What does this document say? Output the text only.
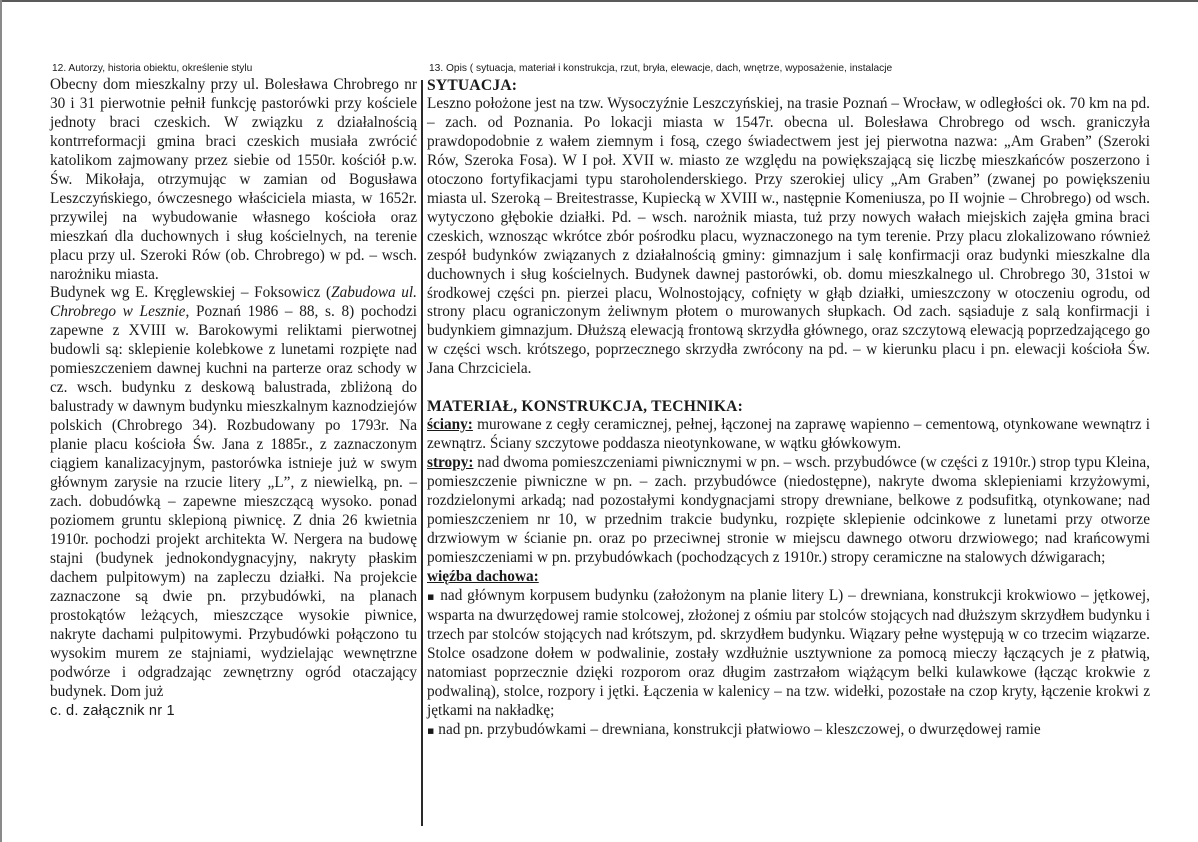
12. Autorzy, historia obiektu, określenie stylu

Obecny dom mieszkalny przy ul. Bolesława Chrobrego nr 30 i 31 pierwotnie pełnił funkcję pastorówki przy kościele jednoty braci czeskich. W związku z działalnością kontrreformacji gmina braci czeskich musiała zwrócić katolikom zajmowany przez siebie od 1550r. kościół p.w. Św. Mikołaja, otrzymując w zamian od Bogusława Leszczyńskiego, ówczesnego właściciela miasta, w 1652r. przywilej na wybudowanie własnego kościoła oraz mieszkań dla duchownych i sług kościelnych, na terenie placu przy ul. Szeroki Rów (ob. Chrobrego) w pd. – wsch. narożniku miasta.

Budynek wg E. Kręglewskiej – Foksowicz (Zabudowa ul. Chrobrego w Lesznie, Poznań 1986 – 88, s. 8) pochodzi zapewne z XVIII w. Barokowymi reliktami pierwotnej budowli są: sklepienie kolebkowe z lunetami rozpięte nad pomieszczeniem dawnej kuchni na parterze oraz schody w cz. wsch. budynku z deskową balustrada, zbliżoną do balustrady w dawnym budynku mieszkalnym kaznodziejów polskich (Chrobrego 34). Rozbudowany po 1793r. Na planie placu kościoła Św. Jana z 1885r., z zaznaczonym ciągiem kanalizacyjnym, pastorówka istnieje już w swym głównym zarysie na rzucie litery „L”, z niewielką, pn. – zach. dobudówką – zapewne mieszczącą wysoko. ponad poziomem gruntu sklepioną piwnicę. Z dnia 26 kwietnia 1910r. pochodzi projekt architekta W. Nergera na budowę stajni (budynek jednokondygnacyjny, nakryty płaskim dachem pulpitowym) na zapleczu działki. Na projekcie zaznaczone są dwie pn. przybudówki, na planach prostokątów leżących, mieszczące wysokie piwnice, nakryte dachami pulpitowymi. Przybudówki połączono tu wysokim murem ze stajniami, wydzielając wewnętrzne podwórze i odgradzając zewnętrzny ogród otaczający budynek. Dom już

c. d. załącznik nr 1
13. Opis ( sytuacja, materiał i konstrukcja, rzut, bryła, elewacje, dach, wnętrze, wyposażenie, instalacje
SYTUACJA:

Leszno położone jest na tzw. Wysoczyźnie Leszczyńskiej, na trasie Poznań – Wrocław, w odległości ok. 70 km na pd. – zach. od Poznania. Po lokacji miasta w 1547r. obecna ul. Bolesława Chrobrego od wsch. graniczyła prawdopodobnie z wałem ziemnym i fosą, czego świadectwem jest jej pierwotna nazwa: „Am Graben” (Szeroki Rów, Szeroka Fosa). W I poł. XVII w. miasto ze względu na powiększającą się liczbę mieszkańców poszerzono i otoczono fortyfikacjami typu staroholenderskiego. Przy szerokiej ulicy „Am Graben” (zwanej po powiększeniu miasta ul. Szeroką – Breitestrasse, Kupiecką w XVIII w., następnie Komeniusza, po II wojnie – Chrobrego) od wsch. wytyczono głębokie działki. Pd. – wsch. narożnik miasta, tuż przy nowych wałach miejskich zajęła gmina braci czeskich, wznosząc wkrótce zbór pośrodku placu, wyznaczonego na tym terenie. Przy placu zlokalizowano również zespół budynków związanych z działalnością gminy: gimnazjum i salę konfirmacji oraz budynki mieszkalne dla duchownych i sług kościelnych. Budynek dawnej pastorówki, ob. domu mieszkalnego ul. Chrobrego 30, 31stoi w środkowej części pn. pierzei placu, Wolnostojący, cofnięty w głąb działki, umieszczony w otoczeniu ogrodu, od strony placu ograniczonym żeliwnym płotem o murowanych słupkach. Od zach. sąsiaduje z salą konfirmacji i budynkiem gimnazjum. Dłuższą elewacją frontową skrzydła głównego, oraz szczytową elewacją poprzedzającego go w części wsch. krótszego, poprzecznego skrzydła zwrócony na pd. – w kierunku placu i pn. elewacji kościoła Św. Jana Chrzciciela.

MATERIAŁ, KONSTRUKCJA, TECHNIKA:

ściany: murowane z cegły ceramicznej, pełnej, łączonej na zaprawę wapienno – cementową, otynkowane wewnątrz i zewnątrz. Ściany szczytowe poddasza nieotynkowane, w wątku główkowym.

stropy: nad dwoma pomieszczeniami piwnicznymi w pn. – wsch. przybudówce (w części z 1910r.) strop typu Kleina, pomieszczenie piwniczne w pn. – zach. przybudówce (niedostępne), nakryte dwoma sklepieniami krzyżowymi, rozdzielonymi arkadą; nad pozostałymi kondygnacjami stropy drewniane, belkowe z podsufitką, otynkowane; nad pomieszczeniem nr 10, w przednim trakcie budynku, rozpięte sklepienie odcinkowe z lunetami przy otworze drzwiowym w ścianie pn. oraz po przeciwnej stronie w miejscu dawnego otworu drzwiowego; nad krańcowymi pomieszczeniami w pn. przybudówkach (pochodzących z 1910r.) stropy ceramiczne na stalowych dźwigarach;

więźba dachowa:

▪ nad głównym korpusem budynku (założonym na planie litery L) – drewniana, konstrukcji krokwiowo – jętkowej, wsparta na dwurzędowej ramie stolcowej, złożonej z ośmiu par stolców stojących nad dłuższym skrzydłem budynku i trzech par stolców stojących nad krótszym, pd. skrzydłem budynku. Wiązary pełne występują w co trzecim wiązarze. Stolce osadzone dołem w podwalinie, zostały wzdłużnie usztywnione za pomocą mieczy łączących je z płatwią, natomiast poprzecznie dzięki rozporom oraz długim zastrzałom wiążącym belki kulawkowe (łącząc krokwie z podwaliną), stolce, rozpory i jętki. Łączenia w kalenicy – na tzw. widełki, pozostałe na czop kryty, łączenie krokwi z jętkami na nakładkę;

▪ nad pn. przybudówkami – drewniana, konstrukcji płatwiowo – kleszczowej, o dwurzędowej ramie
